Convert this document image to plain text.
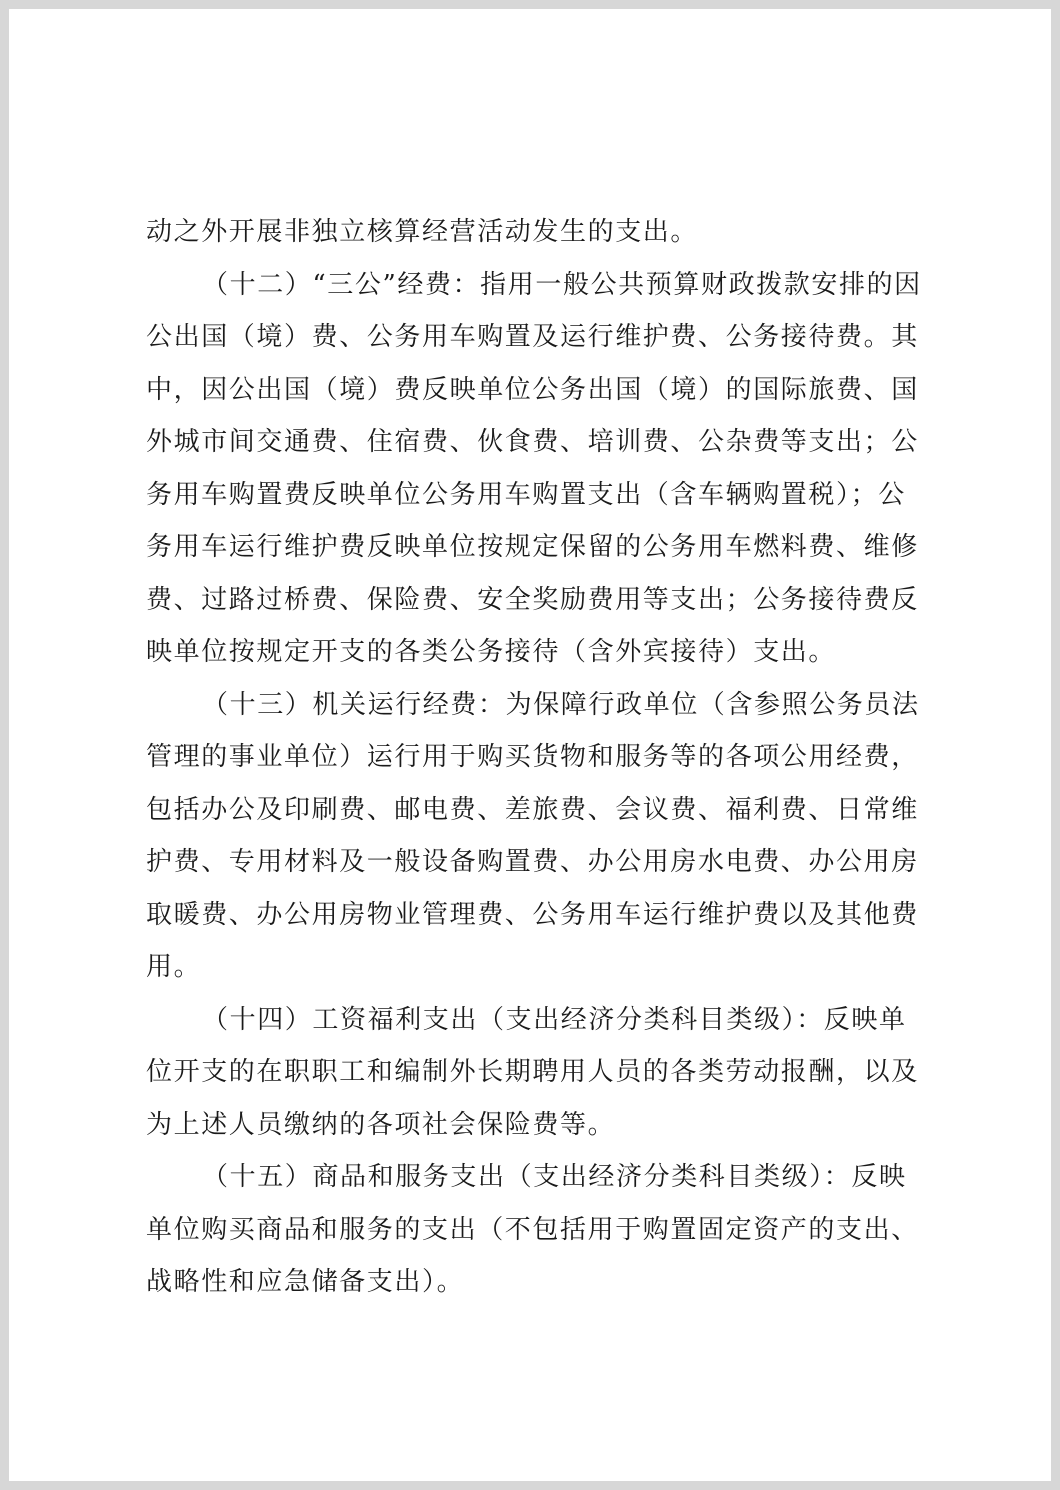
动之外开展非独立核算经营活动发生的支出。

（十二）“三公”经费：指用一般公共预算财政拨款安排的因公出国（境）费、公务用车购置及运行维护费、公务接待费。其中，因公出国（境）费反映单位公务出国（境）的国际旅费、国外城市间交通费、住宿费、伙食费、培训费、公杂费等支出；公务用车购置费反映单位公务用车购置支出（含车辆购置税）；公务用车运行维护费反映单位按规定保留的公务用车燃料费、维修费、过路过桥费、保险费、安全奖励费用等支出；公务接待费反映单位按规定开支的各类公务接待（含外宾接待）支出。

（十三）机关运行经费：为保障行政单位（含参照公务员法管理的事业单位）运行用于购买货物和服务等的各项公用经费，包括办公及印刷费、邮电费、差旅费、会议费、福利费、日常维护费、专用材料及一般设备购置费、办公用房水电费、办公用房取暖费、办公用房物业管理费、公务用车运行维护费以及其他费用。

（十四）工资福利支出（支出经济分类科目类级）：反映单位开支的在职职工和编制外长期聘用人员的各类劳动报酬，以及为上述人员缴纳的各项社会保险费等。

（十五）商品和服务支出（支出经济分类科目类级）：反映单位购买商品和服务的支出（不包括用于购置固定资产的支出、战略性和应急储备支出）。
